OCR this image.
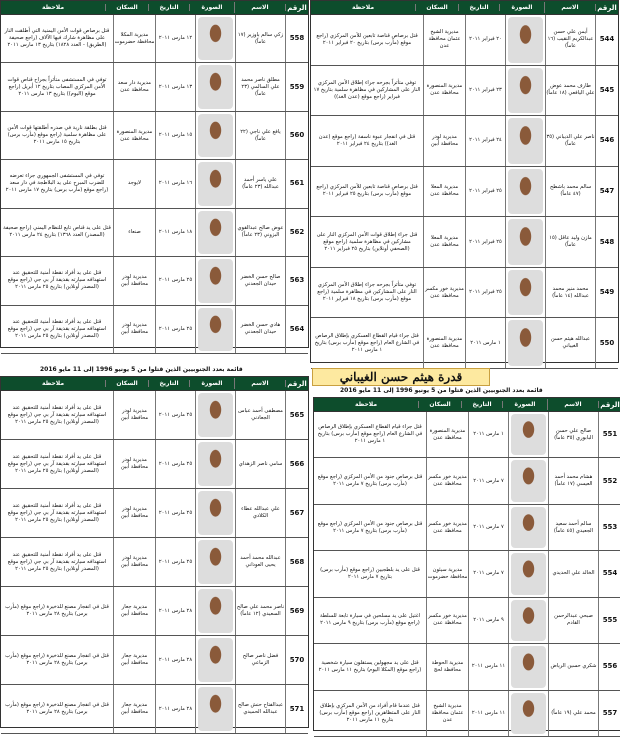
الرقم
الاسم
الصورة
التاريخ
السكان
ملاحظة
558
زكي سالم باوزير (١٧ عاماً)
١٢ مارس ٢٠١١
مديرية المكلا محافظة حضرموت
قتل برصاص قوات الأمن اليمنية التي أطلقت النار على مظاهرة شارك فيها الآلاف (راجع صحيفة (الطريق) - العدد ١٨٢٨) بتاريخ ١٣ مارس ٢٠١١
559
مطلق ناصر محمد علي السالمي (٢٣ عاماً)
١٣ مارس ٢٠١١
مديرية دار سعد محافظة عدن
توفي في المستشفى متأثراً بجراح قناص قوات الأمن المركزي المصاب بتاريخ ١٢ أبريل (راجع موقع (اليوم)) بتاريخ ١٣ مارس ٢٠١١
560
يافع علي ناجي (٢٢ عاماً)
١٥ مارس ٢٠١١
مديرية المنصورة محافظة عدن
قتل بطلقة نارية في صدره أطلقتها قوات الأمن على مظاهرة سلمية (راجع موقع (مأرب برس) بتاريخ ١٥ مارس ٢٠١١
561
علي ياسر أحمد عبدالله (٢٣ عاماً)
١٦ مارس ٢٠١١
لايوجد
توفي في المستشفى الجمهوري جراء تعرضه للضرب المبرح على يد البلاطجة في دار سعد (راجع موقع (مأرب برس) بتاريخ ١٧ مارس ٢٠١١
562
عوض صالح عبدالقوي البزوني (٢٣ عاماً)
١٨ مارس ٢٠١١
صنعاء
قتل على يد قناص تابع للنظام اليمني (راجع صحيفة (المصدر) العدد ١٣٦٨) بتاريخ ٢٤ مارس ٢٠١١
563
صالح حسن الخضر حيدان الجعدني
٢٥ مارس ٢٠١١
مديرية لودر محافظة أبين
قتل على يد أفراد نقطة أمنية للتحقيق عند استهدافه سيارته بقذيفة آر بي جي (راجع موقع (المصدر أونلاين) بتاريخ ٢٥ مارس ٢٠١١
564
هادي حسن الخضر حيدان الجعدني
٢٥ مارس ٢٠١١
مديرية لودر محافظة أبين
قتل على يد أفراد نقطة أمنية للتحقيق عند استهدافه سيارته بقذيفة آر بي جي (راجع موقع (المصدر أونلاين) بتاريخ ٢٥ مارس ٢٠١١
الرقم
الاسم
الصورة
التاريخ
السكان
ملاحظة
544
أيمن علي حسن عبدالكريم النقيب (١٦ عاماً)
٢٠ فبراير ٢٠١١
مديرية الشيخ عثمان محافظة عدن
قتل برصاص قناصة تابعين للأمن المركزي (راجع موقع (مأرب برس) بتاريخ ٢٠ فبراير ٢٠١١
545
طارف محمد عوض علي اليافعي (١٨ عاماً)
٢٣ فبراير ٢٠١١
مديرية المنصورة محافظة عدن
توفي متأثراً بجرحه جراء إطلاق الأمن المركزي النار على المشاركين في مظاهرة سلمية بتاريخ ١٧ فبراير (راجع موقع (عدن الغد))
546
ناصر علي الذيباني (٣٥ عاماً)
٢٤ فبراير ٢٠١١
مديرية لودر محافظة أبين
قتل في انفجار عبوة ناسفة (راجع موقع (عدن الغد)) بتاريخ ٢٤ فبراير ٢٠١١
547
سالم محمد باشطح (٤٧ عاماً)
٢٥ فبراير ٢٠١١
مديرية المعلا محافظة عدن
قتل برصاص قناصة تابعين للأمن المركزي (راجع موقع (مأرب برس) بتاريخ ٢٥ فبراير ٢٠١١
548
مازن وليد عاقل (١٥ عاماً)
٢٥ فبراير ٢٠١١
مديرية المعلا محافظة عدن
قتل جراء إطلاق قوات الأمن المركزي النار على مشاركين في مظاهرة سلمية (راجع موقع (الصحفي أونلاين) بتاريخ ٢٥ فبراير ٢٠١١
549
محمد منير محمد عبدالله (١٤ عاماً)
٢٥ فبراير ٢٠١١
مديرية خور مكسر محافظة عدن
توفي متأثراً بجرحه جراء إطلاق الأمن المركزي النار على المشاركين في مظاهرة سلمية (راجع موقع (مأرب برس) بتاريخ ١٨ فبراير ٢٠١١
550
عبدالله هيثم حسن الغيباني
١ مارس ٢٠١١
مديرية المنصورة محافظة عدن
قتل جراء قيام القطاع العسكري بإطلاق الرصاص في الشارع العام (راجع موقع (مأرب برس) بتاريخ ١ مارس ٢٠١١
قدرة هيثم حسن الغيباني
قائمة بعدد الجنوبيين الذين قتلوا من 5 يونيو 1996 إلى 11 مايو 2016
الرقم
الاسم
الصورة
التاريخ
السكان
ملاحظة
565
مصطفى أحمد عباس الجعادني
٢٥ مارس ٢٠١١
مديرية لودر محافظة أبين
قتل على يد أفراد نقطة أمنية للتحقيق عند استهدافه سيارته بقذيفة آر بي جي (راجع موقع (المصدر أونلاين) بتاريخ ٢٥ مارس ٢٠١١
566
سامي ناصر الزهداي
٢٥ مارس ٢٠١١
مديرية لودر محافظة أبين
قتل على يد أفراد نقطة أمنية للتحقيق عند استهدافه سيارته بقذيفة آر بي جي (راجع موقع (المصدر أونلاين) بتاريخ ٢٥ مارس ٢٠١١
567
علي عبدالله عطاء الكلادي
٢٥ مارس ٢٠١١
مديرية لودر محافظة أبين
قتل على يد أفراد نقطة أمنية للتحقيق عند استهدافه سيارته بقذيفة آر بي جي (راجع موقع (المصدر أونلاين) بتاريخ ٢٥ مارس ٢٠١١
568
عبدالله محمد أحمد يحيى العوذاني
٢٥ مارس ٢٠١١
مديرية لودر محافظة أبين
قتل على يد أفراد نقطة أمنية للتحقيق عند استهدافه سيارته بقذيفة آر بي جي (راجع موقع (المصدر أونلاين) بتاريخ ٢٥ مارس ٢٠١١
569
ناصر محمد علي صالح السعيدي (١٢ عاماً)
٢٨ مارس ٢٠١١
مديرية جعار محافظة أبين
قتل في انفجار مصنع للذخيرة (راجع موقع (مأرب برس) بتاريخ ٢٨ مارس ٢٠١١
570
فضل ناصر صالح الزماعي
٢٨ مارس ٢٠١١
مديرية جعار محافظة أبين
قتل في انفجار مصنع للذخيرة (راجع موقع (مأرب برس) بتاريخ ٢٨ مارس ٢٠١١
571
عبدالفتاح حنش صالح عبدالله الحميدي
٢٨ مارس ٢٠١١
مديرية جعار محافظة أبين
قتل في انفجار مصنع للذخيرة (راجع موقع (مأرب برس) بتاريخ ٢٨ مارس ٢٠١١
قائمة بعدد الجنوبيين الذين قتلوا من 5 يونيو 1996 إلى 11 مايو 2016
الرقم
الاسم
الصورة
التاريخ
السكان
ملاحظة
551
صالح علي حسن البابوري (٣٥ عاماً)
١ مارس ٢٠١١
مديرية المنصورة محافظة عدن
قتل جراء قيام القطاع العسكري بإطلاق الرصاص في الشارع العام (راجع موقع (مأرب برس) بتاريخ ١ مارس ٢٠١١
552
هشام محمد أحمد العيسي (١٧ عاماً)
٧ مارس ٢٠١١
مديرية خور مكسر محافظة عدن
قتل برصاص جنود من الأمن المركزي (راجع موقع (مأرب برس) بتاريخ ٧ مارس ٢٠١١
553
سالم أحمد سعيد الجعيدي (٤٥ عاماً)
٧ مارس ٢٠١١
مديرية خور مكسر محافظة عدن
قتل برصاص جنود من الأمن المركزي (راجع موقع (مأرب برس) بتاريخ ٧ مارس ٢٠١١
554
الخالد علي الحديدي
٧ مارس ٢٠١١
مديرية سيئون محافظة حضرموت
قتل على يد بلطجيين (راجع موقع (مأرب برس) بتاريخ ٧ مارس ٢٠١١
555
صبحي عبدالرحمن القادم
٩ مارس ٢٠١١
مديرية خور مكسر محافظة عدن
اغتيل على يد مسلحين في سيارة تابعة للسلطة (راجع موقع (مأرب برس) بتاريخ ٩ مارس ٢٠١١
556
شكري حسين الرياض
١١ مارس ٢٠١١
مديرية الحوطة محافظة لحج
قتل على يد مجهولين يستقلون سيارة شخصية (راجع موقع (المكلا اليوم) بتاريخ ١١ مارس ٢٠١١
557
محمد علي (١٩ عاماً)
١١ مارس ٢٠١١
مديرية الشيخ عثمان محافظة عدن
قتل عندما قام أفراد من الأمن المركزي بإطلاق النار على المتظاهرين (راجع موقع (مأرب برس) بتاريخ ١١ مارس ٢٠١١
